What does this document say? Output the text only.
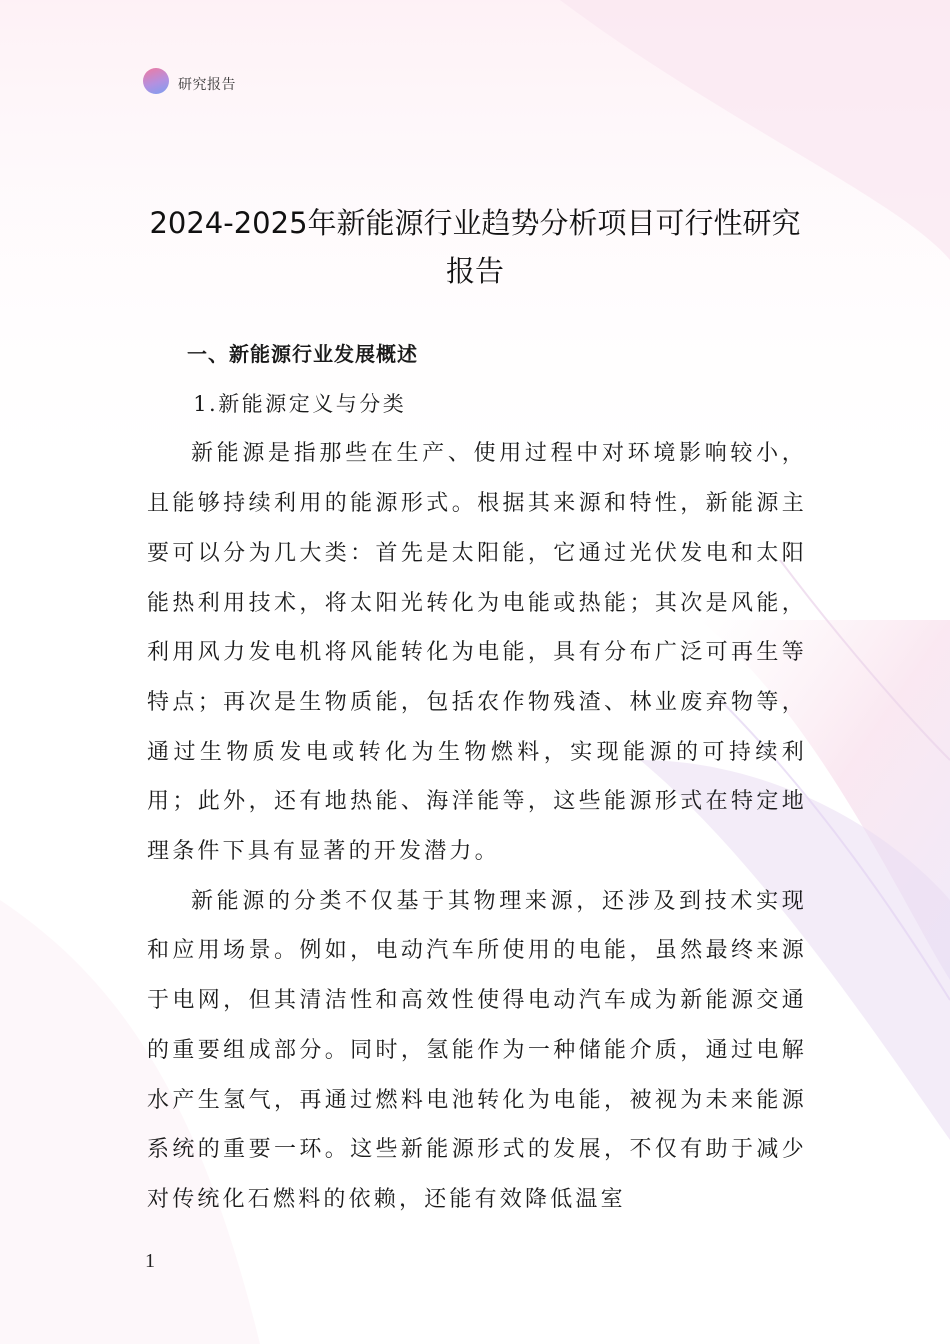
研究报告
2024-2025年新能源行业趋势分析项目可行性研究报告
一、新能源行业发展概述
1.新能源定义与分类

新能源是指那些在生产、使用过程中对环境影响较小，且能够持续利用的能源形式。根据其来源和特性，新能源主要可以分为几大类：首先是太阳能，它通过光伏发电和太阳能热利用技术，将太阳光转化为电能或热能；其次是风能，利用风力发电机将风能转化为电能，具有分布广泛可再生等特点；再次是生物质能，包括农作物残渣、林业废弃物等，通过生物质发电或转化为生物燃料，实现能源的可持续利用；此外，还有地热能、海洋能等，这些能源形式在特定地理条件下具有显著的开发潜力。

新能源的分类不仅基于其物理来源，还涉及到技术实现和应用场景。例如，电动汽车所使用的电能，虽然最终来源于电网，但其清洁性和高效性使得电动汽车成为新能源交通的重要组成部分。同时，氢能作为一种储能介质，通过电解水产生氢气，再通过燃料电池转化为电能，被视为未来能源系统的重要一环。这些新能源形式的发展，不仅有助于减少对传统化石燃料的依赖，还能有效降低温室

1
